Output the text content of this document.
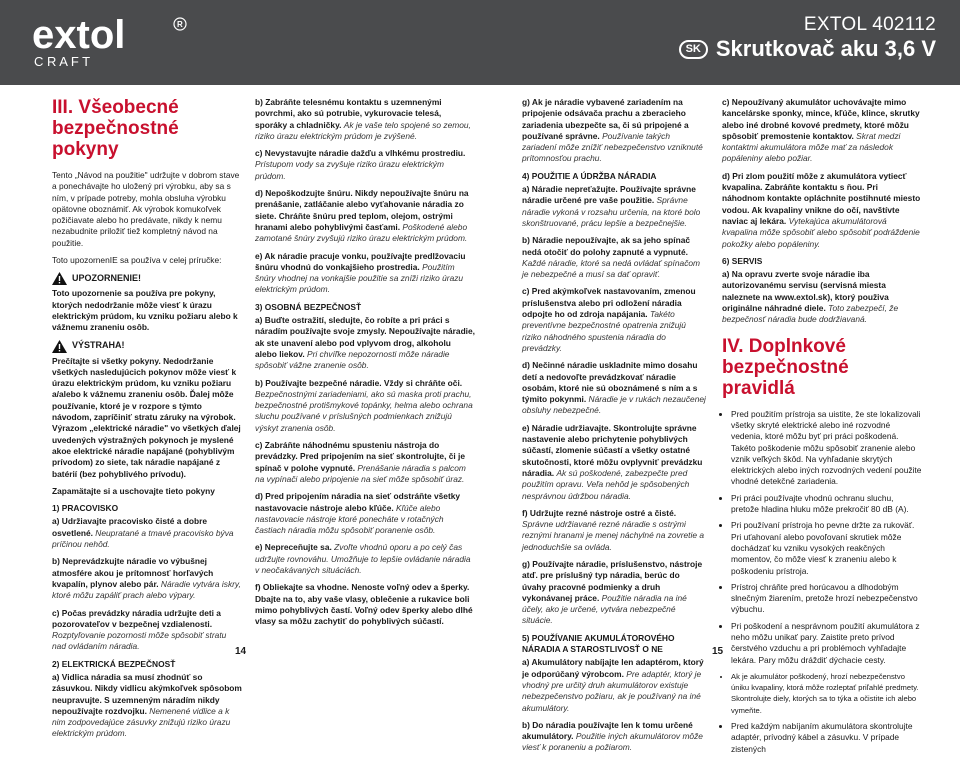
extol	R
C R A F T
EXTOL 402112
SK Skrutkovač aku 3,6 V
III. Všeobecné bezpečnostné pokyny

Tento „Návod na použitie" udržujte v dobrom stave a ponechávajte ho uložený pri výrobku, aby sa s ním, v prípade potreby, mohla obsluha výrobku opätovne oboznámiť. Ak výrobok komukoľvek požičiavate alebo ho predávate, nikdy k nemu nezabudnite priložiť tiež kompletný návod na použitie.

Toto upozornenIE sa používa v celej príručke:

UPOZORNENIE!

Toto upozornenie sa používa pre pokyny, ktorých nedodržanie môže viesť k úrazu elektrickým prúdom, ku vzniku požiaru alebo k vážnemu zraneniu osôb.

VÝSTRAHA!

Prečítajte si všetky pokyny. Nedodržanie všetkých nasledujúcich pokynov môže viesť k úrazu elektrickým prúdom, ku vzniku požiaru a/alebo k vážnemu zraneniu osôb. Ďalej môže používanie, ktoré je v rozpore s týmto návodom, zapríčiniť stratu záruky na výrobok. Výrazom „elektrické náradie" vo všetkých ďalej uvedených výstražných pokynoch je myslené akoe elektrické náradie napájané (pohyblivým prívodom) zo siete, tak náradie napájané z batérií (bez pohyblivého prívodu).

Zapamätajte si a uschovajte tieto pokyny

1) PRACOVISKO

a) Udržiavajte pracovisko čisté a dobre osvetlené. Neupratané a tmavé pracovisko býva príčinou nehôd.

b) Neprevádzkujte náradie vo výbušnej atmosfére akou je prítomnosť horľavých kvapalín, plynov alebo pár. Náradie vytvára iskry, ktoré môžu zapáliť prach alebo výpary.

c) Počas prevádzky náradia udržujte deti a pozorovateľov v bezpečnej vzdialenosti. Rozptyľovanie pozornosti môže spôsobiť stratu nad ovládaním náradia.

2) ELEKTRICKÁ BEZPEČNOSŤ

a) Vidlica náradia sa musí zhodnúť so zásuvkou. Nikdy vidlicu akýmkoľvek spôsobom neupravujte. S uzemneným náradím nikdy nepoužívajte rozdvojku. Nemenené vidlice a k nim zodpovedajúce zásuvky znižujú riziko úrazu elektrickým prúdom.

b) Zabráňte telesnému kontaktu s uzemnenými povrchmi, ako sú potrubie, vykurovacie telesá, sporáky a chladničky. Ak je vaše telo spojené so zemou, riziko úrazu elektrickým prúdom je zvýšené.

c) Nevystavujte náradie dažďu a vlhkému prostrediu. Prístupom vody sa zvyšuje riziko úrazu elektrickým prúdom.

d) Nepoškodzujte šnúru. Nikdy nepoužívajte šnúru na prenášanie, zatláčanie alebo vyťahovanie náradia zo siete. Chráňte šnúru pred teplom, olejom, ostrými hranami alebo pohyblivými časťami. Poškodené alebo zamotané šnúry zvyšujú riziko úrazu elektrickým prúdom.

e) Ak náradie pracuje vonku, používajte predlžovaciu šnúru vhodnú do vonkajšieho prostredia. Použitím šnúry vhodnej na vonkajšie použitie sa zníži riziko úrazu elektrickým prúdom.

3) OSOBNÁ BEZPEČNOSŤ

a) Buďte ostražití, sledujte, čo robíte a pri práci s náradím používajte svoje zmysly. Nepoužívajte náradie, ak ste unavení alebo pod vplyvom drog, alkoholu alebo liekov. Pri chvíľke nepozornosti môže náradie spôsobiť vážne zranenie osôb.

b) Používajte bezpečné náradie. Vždy si chráňte oči. Bezpečnostnými zariadeniami, ako sú maska proti prachu, bezpečnostné protišmykové topánky, helma alebo ochrana sluchu používané v príslušných podmienkach znižujú výskyt zranenia osôb.

c) Zabráňte náhodnému spusteniu nástroja do prevádzky. Pred pripojením na sieť skontrolujte, či je spínač v polohe vypnuté. Prenášanie náradia s palcom na vypínači alebo pripojenie na sieť môže spôsobiť úraz.

d) Pred pripojením náradia na sieť odstráňte všetky nastavovacie nástroje alebo kľúče. Kľúče alebo nastavovacie nástroje ktoré ponecháte v rotačných častiach náradia môžu spôsobiť poranenie osôb.

e) Nepreceňujte sa. Zvoľte vhodnú oporu a po celý čas udržujte rovnováhu. Umožňuje to lepšie ovládanie náradia v neočakávaných situáciách.

f) Obliekajte sa vhodne. Nenoste voľný odev a šperky. Dbajte na to, aby vaše vlasy, oblečenie a rukavice boli mimo pohyblivých častí. Voľný odev šperky alebo dlhé vlasy sa môžu zachytiť do pohyblivých súčastí.

g) Ak je náradie vybavené zariadením na pripojenie odsávača prachu a zberacieho zariadenia ubezpečte sa, či sú pripojené a používané správne. Používanie takých zariadení môže znížiť nebezpečenstvo vzniknuté prítomnosťou prachu.

4) POUŽITIE A ÚDRŽBA NÁRADIA

a) Náradie nepreťažujte. Používajte správne náradie určené pre vaše použitie. Správne náradie vykoná v rozsahu určenia, na ktoré bolo skonštruované, prácu lepšie a bezpečnejšie.

b) Náradie nepoužívajte, ak sa jeho spínač nedá otočiť do polohy zapnuté a vypnuté. Každé náradie, ktoré sa nedá ovládať spínačom je nebezpečné a musí sa dať opraviť.

c) Pred akýmkoľvek nastavovaním, zmenou príslušenstva alebo pri odložení náradia odpojte ho od zdroja napájania. Takéto preventívne bezpečnostné opatrenia znižujú riziko náhodného spustenia náradia do prevádzky.

d) Nečinné náradie uskladnite mimo dosahu detí a nedovoľte prevádzkovať náradie osobám, ktoré nie sú oboznámené s ním a s týmito pokynmi. Náradie je v rukách nezaučenej obsluhy nebezpečné.

e) Náradie udržiavajte. Skontrolujte správne nastavenie alebo prichytenie pohyblivých súčastí, zlomenie súčastí a všetky ostatné skutočnosti, ktoré môžu ovplyvniť prevádzku náradia. Ak sú poškodené, zabezpečte pred použitím opravu. Veľa nehôd je spôsobených nesprávnou údržbou náradia.

f) Udržujte rezné nástroje ostré a čisté. Správne udržiavané rezné náradie s ostrými reznými hranami je menej náchylné na zovretie a jednoduchšie sa ovláda.

g) Používajte náradie, príslušenstvo, nástroje atď. pre príslušný typ náradia, berúc do úvahy pracovné podmienky a druh vykonávanej práce. Použitie náradia na iné účely, ako je určené, vytvára nebezpečné situácie.

5) POUŽÍVANIE AKUMULÁTOROVÉHO NÁRADIA A STAROSTLIVOSŤ O NE

a) Akumulátory nabíjajte len adaptérom, ktorý je odporúčaný výrobcom. Pre adaptér, ktorý je vhodný pre určitý druh akumulátorov existuje nebezpečenstvo požiaru, ak je používaný na iné akumulátory.

b) Do náradia používajte len k tomu určené akumulátory. Použitie iných akumulátorov môže viesť k poraneniu a požiarom.

c) Nepoužívaný akumulátor uchovávajte mimo kancelárske sponky, mince, kľúče, klince, skrutky alebo iné drobné kovové predmety, ktoré môžu spôsobiť premostenie kontaktov. Skrat medzi kontaktmi akumulátora môže mať za následok popáleniny alebo požiar.

d) Pri zlom použití môže z akumulátora vytiecť kvapalina. Zabráňte kontaktu s ňou. Pri náhodnom kontakte opláchnite postihnuté miesto vodou. Ak kvapaliny vnikne do očí, navštívte naviac aj lekára. Vytekajúca akumulátorová kvapalina môže spôsobiť alebo spôsobiť podráždenie pokožky alebo popáleniny.

6) SERVIS

a) Na opravu zverte svoje náradie iba autorizovanému servisu (servisná miesta naleznete na www.extol.sk), ktorý použiva originálne náhradné diele. Toto zabezpečí, že bezpečnosť náradia bude dodržiavaná.

IV. Doplnkové bezpečnostné pravidlá
• Pred použitím prístroja sa uistite, že ste lokalizovali všetky skryté elektrické alebo iné rozvodné vedenia, ktoré môžu byť pri práci poškodená. Takéto poškodenie môžu spôsobiť zranenie alebo vznik veľkých škôd. Na vyhľadanie skrytých elektrických alebo iných rozvodných vedení použite vhodné detekčné zariadenia.
• Pri práci používajte vhodnú ochranu sluchu, pretože hladina hluku môže prekročiť 80 dB (A).
• Pri používaní prístroja ho pevne držte za rukoväť. Pri uťahovaní alebo povoľovaní skrutiek môže dochádzať ku vzniku vysokých reakčných momentov, čo môže viesť k zraneniu alebo k poškodeniu prístroja.
• Prístroj chráňte pred horúcavou a dlhodobým slnečným žiarením, pretože hrozí nebezpečenstvo výbuchu.
• Pri poškodení a nesprávnom použití akumulátora z neho môžu unikať pary. Zaistite preto prívod čerstvého vzduchu a pri problémoch vyhľadajte lekára. Pary môžu dráždiť dýchacie cesty.
• Ak je akumulátor poškodený, hrozí nebezpečenstvo úniku kvapaliny, ktorá môže rozleptať priľahlé predmety. Skontrolujte diely, ktorých sa to týka a očistite ich alebo vymeňte.
• Pred každým nabíjaním akumulátora skontrolujte adaptér, prívodný kábel a zásuvku. V prípade zistených
14	15
